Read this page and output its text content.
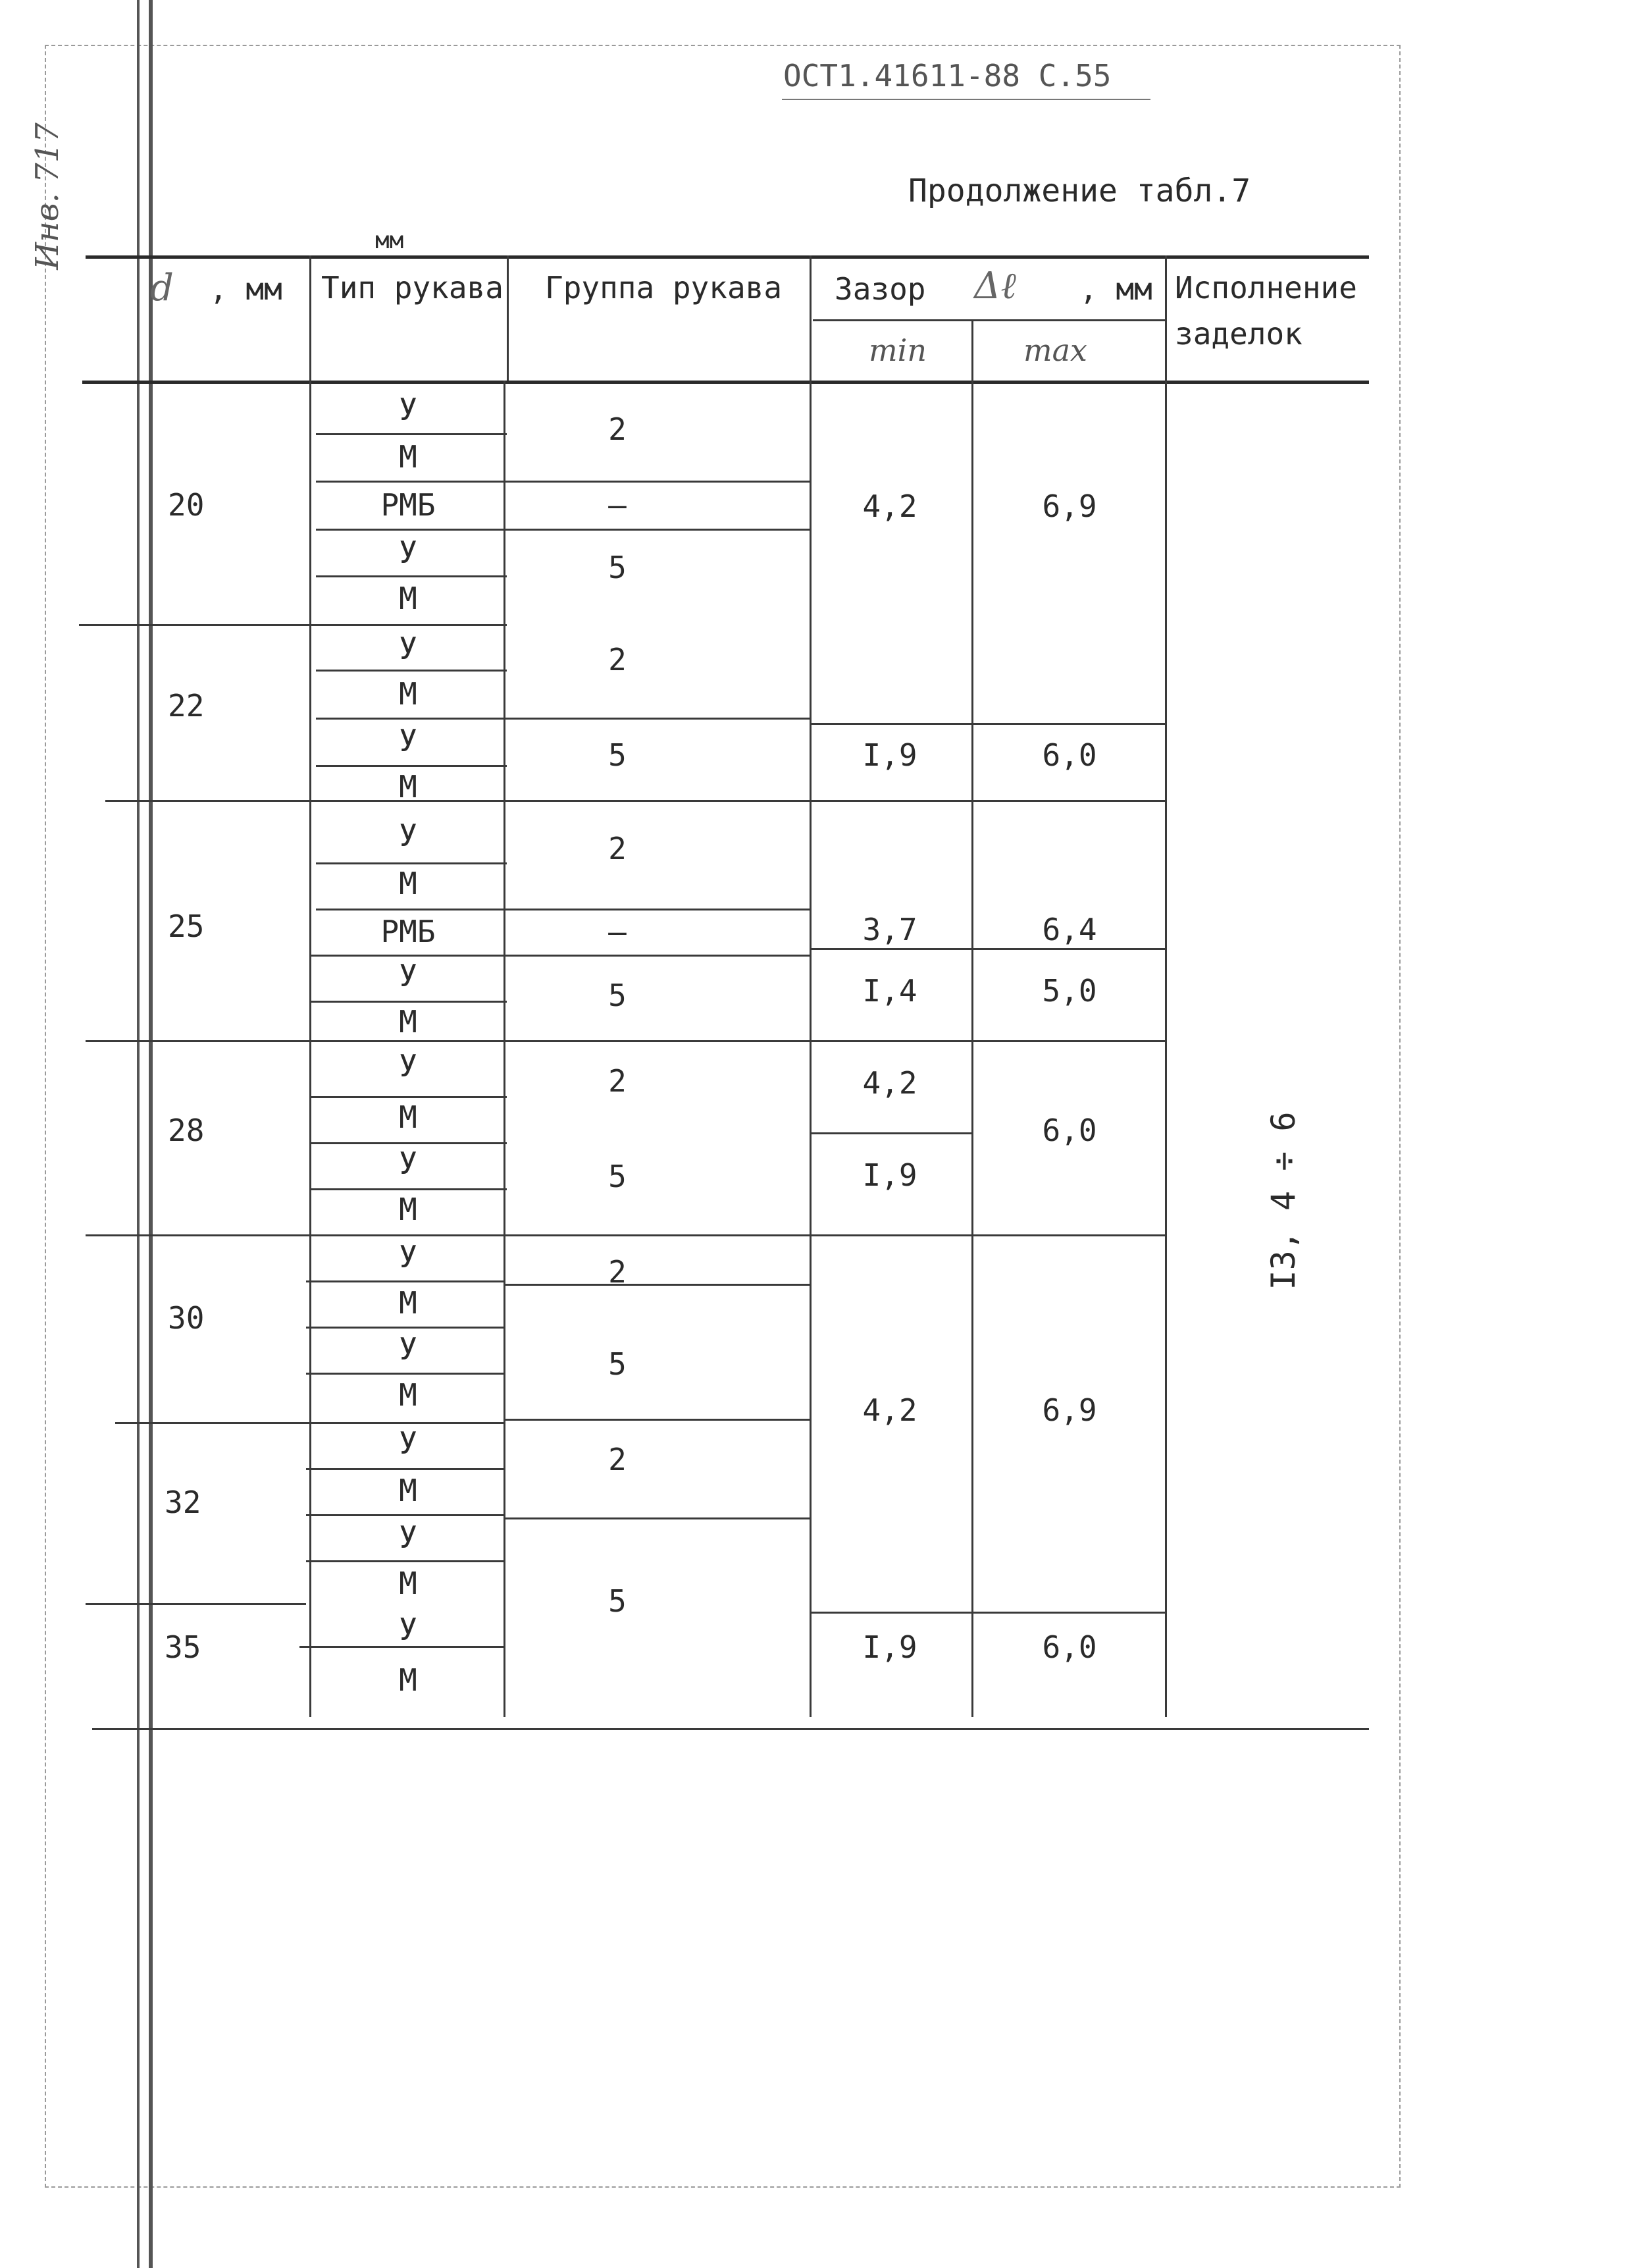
Инв. 717
ОСТ1.41611-88 С.55
Продолжение табл.7
мм
d , мм Тип рукава Группа рукава Зазор Δℓ , мм
min	max
Исполнение
заделок
20
22
25
28
30
32
35
У
М
РМБ
У
М
У
М
У
М
У
М
РМБ
У
М
У
М
У
М
У
М
У
М
У
М
У
М
У
М
2
–
5
2
5
2
–
5
2
5
2
5
2
5
4,2
I,9
3,7
I,4
4,2
I,9
4,2
I,9
6,9
6,0
6,4
5,0
6,0
6,9
6,0
I3, 4 ÷ 6
